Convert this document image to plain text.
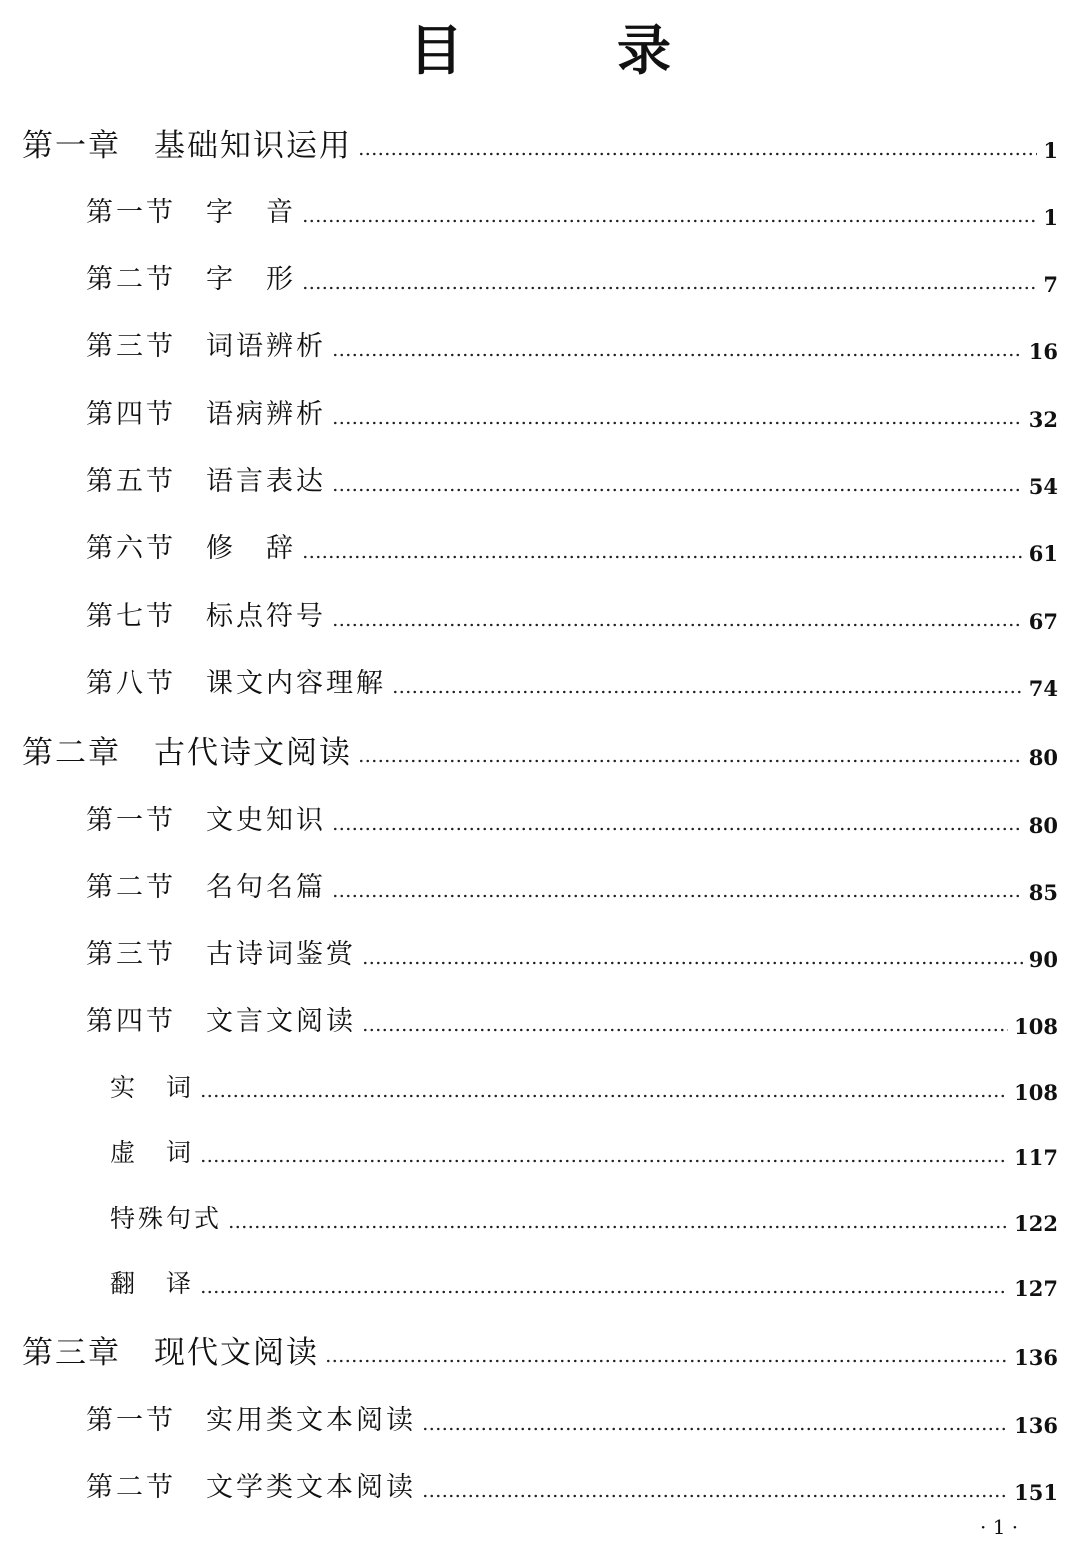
目　录
第一章　基础知识运用	1
第一节　字　音	1
第二节　字　形	7
第三节　词语辨析	16
第四节　语病辨析	32
第五节　语言表达	54
第六节　修　辞	61
第七节　标点符号	67
第八节　课文内容理解	74
第二章　古代诗文阅读	80
第一节　文史知识	80
第二节　名句名篇	85
第三节　古诗词鉴赏	90
第四节　文言文阅读	108
实　词	108
虚　词	117
特殊句式	122
翻　译	127
第三章　现代文阅读	136
第一节　实用类文本阅读	136
第二节　文学类文本阅读	151
· 1 ·
